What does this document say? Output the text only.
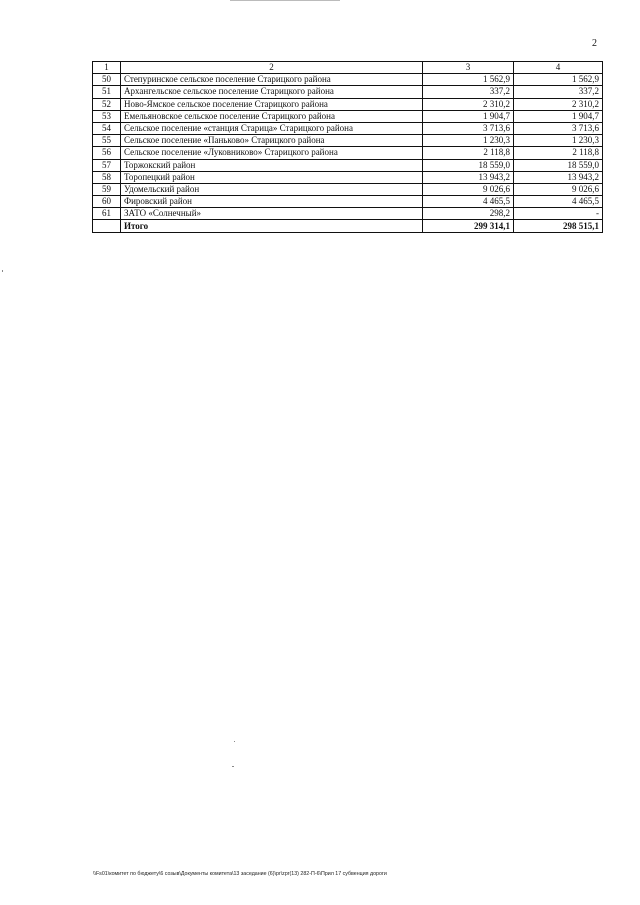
2
1	2	3	4
50	Степуринское сельское поселение Старицкого района	1 562,9	1 562,9
51	Архангельское сельское поселение Старицкого района	337,2	337,2
52	Ново-Ямское сельское поселение Старицкого района	2 310,2	2 310,2
53	Емельяновское сельское поселение Старицкого района	1 904,7	1 904,7
54	Сельское поселение «станция Старица» Старицкого района	3 713,6	3 713,6
55	Сельское поселение «Паньково» Старицкого района	1 230,3	1 230,3
56	Сельское поселение «Луковниково» Старицкого района	2 118,8	2 118,8
57	Торжокский район	18 559,0	18 559,0
58	Торопецкий район	13 943,2	13 943,2
59	Удомельский район	9 026,6	9 026,6
60	Фировский район	4 465,5	4 465,5
61	ЗАТО «Солнечный»	298,2	-
	Итого	299 314,1	298 515,1
\\Fs01\комитет по бюджету\6 созыв\Документы комитета\13 заседание (6)\pr\zpr(13) 282-П-6\Прил 17 субвенция дороги
